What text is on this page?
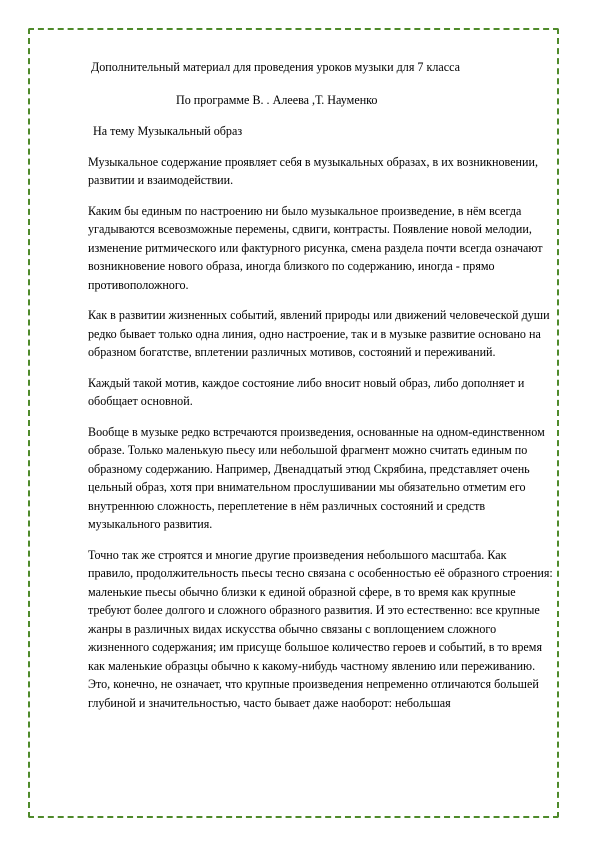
Дополнительный материал для проведения уроков музыки для 7 класса

По программе В. . Алеева ,Т. Науменко

На тему Музыкальный образ

Музыкальное содержание проявляет себя в музыкальных образах, в их возникновении, развитии и взаимодействии.

Каким бы единым по настроению ни было музыкальное произведение, в нём всегда угадываются всевозможные перемены, сдвиги, контрасты. Появление новой мелодии, изменение ритмического или фактурного рисунка, смена раздела почти всегда означают возникновение нового образа, иногда близкого по содержанию, иногда - прямо противоположного.

Как в развитии жизненных событий, явлений природы или движений человеческой души редко бывает только одна линия, одно настроение, так и в музыке развитие основано на образном богатстве, вплетении различных мотивов, состояний и переживаний.

Каждый такой мотив, каждое состояние либо вносит новый образ, либо дополняет и обобщает основной.

Вообще в музыке редко встречаются произведения, основанные на одном-единственном образе. Только маленькую пьесу или небольшой фрагмент можно считать единым по образному содержанию. Например, Двенадцатый этюд Скрябина, представляет очень цельный образ, хотя при внимательном прослушивании мы обязательно отметим его внутреннюю сложность, переплетение в нём различных состояний и средств музыкального развития.

Точно так же строятся и многие другие произведения небольшого масштаба. Как правило, продолжительность пьесы тесно связана с особенностью её образного строения: маленькие пьесы обычно близки к единой образной сфере, в то время как крупные требуют более долгого и сложного образного развития. И это естественно: все крупные жанры в различных видах искусства обычно связаны с воплощением сложного жизненного содержания; им присуще большое количество героев и событий, в то время как маленькие образцы обычно к какому-нибудь частному явлению или переживанию. Это, конечно, не означает, что крупные произведения непременно отличаются большей глубиной и значительностью, часто бывает даже наоборот: небольшая
